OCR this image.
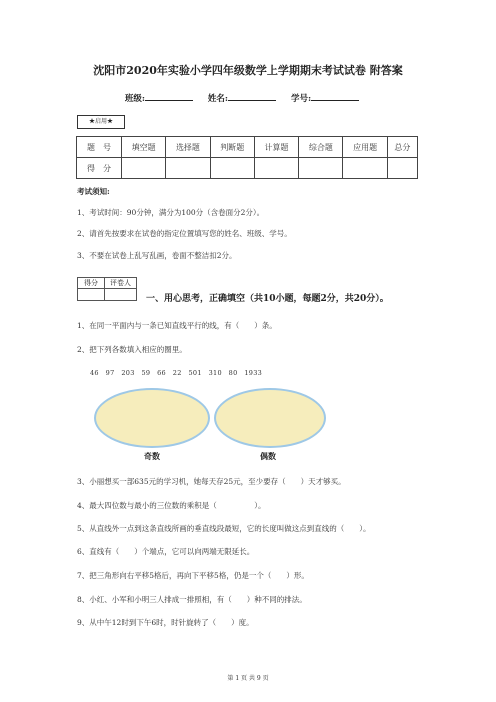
沈阳市2020年实验小学四年级数学上学期期末考试试卷 附答案
班级:	姓名:	学号:
★启用★
题　号	填空题	选择题	判断题	计算题	综合题	应用题	总分
得　分							
考试须知:
1、考试时间：90分钟，满分为100分（含卷面分2分）。
2、请首先按要求在试卷的指定位置填写您的姓名、班级、学号。
3、不要在试卷上乱写乱画，卷面不整洁扣2分。
得分	评卷人
一、用心思考，正确填空（共10小题，每题2分，共20分）。
1、在同一平面内与一条已知直线平行的线，有（　　）条。
2、把下列各数填入相应的圈里。
46　97　203　59　66　22　501　310　80　1933
奇数	偶数
3、小丽想买一部635元的学习机，她每天存25元，至少要存（　　）天才够买。
4、最大四位数与最小的三位数的乘积是（　　　　　）。
5、从直线外一点到这条直线所画的垂直线段最短，它的长度叫做这点到直线的（　　）。
6、直线有（　　）个端点，它可以向两端无限延长。
7、把三角形向右平移5格后，再向下平移5格，仍是一个（　　）形。
8、小红、小军和小明三人排成一排照相，有（　　）种不同的排法。
9、从中午12时到下午6时，时针旋转了（　　）度。
第 1 页 共 9 页
